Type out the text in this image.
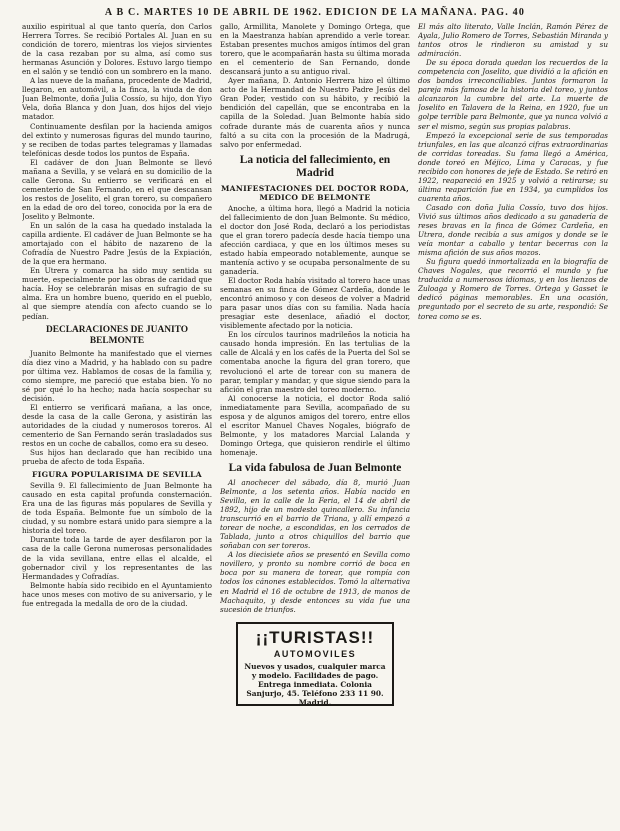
A B C. MARTES 10 DE ABRIL DE 1962. EDICION DE LA MAÑANA. PAG. 40

auxilio espiritual al que tanto quería, don Carlos Herrera Torres. Se recibió Portales Al. Juan en su condición de torero, mientras los viejos sirvientes de la casa rezaban por su alma, así como sus hermanas Asunción y Dolores. Estuvo largo tiempo en el salón y se tendió con un sombrero en la mano.

A las nueve de la mañana, procedente de Madrid, llegaron, en automóvil, a la finca, la viuda de don Juan Belmonte, doña Julia Cossío, su hijo, don Yiyo Vela, doña Blanca y don Juan, dos hijos del viejo matador.

Continuamente desfilan por la hacienda amigos del extinto y numerosas figuras del mundo taurino, y se reciben de todas partes telegramas y llamadas telefónicas desde todos los puntos de España.

El cadáver de don Juan Belmonte se llevó mañana a Sevilla, y se velará en su domicilio de la calle Gerona. Su entierro se verificará en el cementerio de San Fernando, en el que descansan los restos de Joselito, el gran torero, su compañero en la edad de oro del toreo, conocida por la era de Joselito y Belmonte.

En un salón de la casa ha quedado instalada la capilla ardiente. El cadáver de Juan Belmonte se ha amortajado con el hábito de nazareno de la Cofradía de Nuestro Padre Jesús de la Expiación, de la que era hermano.

En Utrera y comarca ha sido muy sentida su muerte, especialmente por las obras de caridad que hacía. Hoy se celebrarán misas en sufragio de su alma. Era un hombre bueno, querido en el pueblo, al que siempre atendía con afecto cuando se lo pedían.

DECLARACIONES DE JUANITO BELMONTE

Juanito Belmonte ha manifestado que el viernes día diez vino a Madrid, y ha hablado con su padre por última vez. Hablamos de cosas de la familia y, como siempre, me pareció que estaba bien. Yo no sé por qué lo ha hecho; nada hacía sospechar su decisión.

El entierro se verificará mañana, a las once, desde la casa de la calle Gerona, y asistirán las autoridades de la ciudad y numerosos toreros. Al cementerio de San Fernando serán trasladados sus restos en un coche de caballos, como era su deseo.

Sus hijos han declarado que han recibido una prueba de afecto de toda España.

FIGURA POPULARISIMA DE SEVILLA

Sevilla 9. El fallecimiento de Juan Belmonte ha causado en esta capital profunda consternación. Era una de las figuras más populares de Sevilla y de toda España. Belmonte fue un símbolo de la ciudad, y su nombre estará unido para siempre a la historia del toreo.

Durante toda la tarde de ayer desfilaron por la casa de la calle Gerona numerosas personalidades de la vida sevillana, entre ellas el alcalde, el gobernador civil y los representantes de las Hermandades y Cofradías.

Belmonte había sido recibido en el Ayuntamiento hace unos meses con motivo de su aniversario, y le fue entregada la medalla de oro de la ciudad.

gallo, Armillita, Manolete y Domingo Ortega, que en la Maestranza habían aprendido a verle torear. Estaban presentes muchos amigos íntimos del gran torero, que le acompañarán hasta su última morada en el cementerio de San Fernando, donde descansará junto a su antiguo rival.

Ayer mañana, D. Antonio Herrera hizo el último acto de la Hermandad de Nuestro Padre Jesús del Gran Poder, vestido con su hábito, y recibió la bendición del capellán, que se encontraba en la capilla de la Soledad. Juan Belmonte había sido cofrade durante más de cuarenta años y nunca faltó a su cita con la procesión de la Madrugá, salvo por enfermedad.

La noticia del fallecimiento, en Madrid
MANIFESTACIONES DEL DOCTOR RODA, MEDICO DE BELMONTE

Anoche, a última hora, llegó a Madrid la noticia del fallecimiento de don Juan Belmonte. Su médico, el doctor don José Roda, declaró a los periodistas que el gran torero padecía desde hacía tiempo una afección cardiaca, y que en los últimos meses su estado había empeorado notablemente, aunque se mantenía activo y se ocupaba personalmente de su ganadería.

El doctor Roda había visitado al torero hace unas semanas en su finca de Gómez Cardeña, donde le encontró animoso y con deseos de volver a Madrid para pasar unos días con su familia. Nada hacía presagiar este desenlace, añadió el doctor, visiblemente afectado por la noticia.

En los círculos taurinos madrileños la noticia ha causado honda impresión. En las tertulias de la calle de Alcalá y en los cafés de la Puerta del Sol se comentaba anoche la figura del gran torero, que revolucionó el arte de torear con su manera de parar, templar y mandar, y que sigue siendo para la afición el gran maestro del toreo moderno.

Al conocerse la noticia, el doctor Roda salió inmediatamente para Sevilla, acompañado de su esposa y de algunos amigos del torero, entre ellos el escritor Manuel Chaves Nogales, biógrafo de Belmonte, y los matadores Marcial Lalanda y Domingo Ortega, que quisieron rendirle el último homenaje.

La vida fabulosa de Juan Belmonte

Al anochecer del sábado, día 8, murió Juan Belmonte, a los setenta años. Había nacido en Sevilla, en la calle de la Feria, el 14 de abril de 1892, hijo de un modesto quincallero. Su infancia transcurrió en el barrio de Triana, y allí empezó a torear de noche, a escondidas, en los cerrados de Tablada, junto a otros chiquillos del barrio que soñaban con ser toreros.

A los diecisiete años se presentó en Sevilla como novillero, y pronto su nombre corrió de boca en boca por su manera de torear, que rompía con todos los cánones establecidos. Tomó la alternativa en Madrid el 16 de octubre de 1913, de manos de Machaquito, y desde entonces su vida fue una sucesión de triunfos.

¡¡TURISTAS!!
AUTOMOVILES
Nuevos y usados, cualquier marca y modelo. Facilidades de pago. Entrega inmediata. Colonia Sanjurjo, 45. Teléfono 233 11 90. Madrid.

El más alto literato, Valle Inclán, Ramón Pérez de Ayala, Julio Romero de Torres, Sebastián Miranda y tantos otros le rindieron su amistad y su admiración.

De su época dorada quedan los recuerdos de la competencia con Joselito, que dividió a la afición en dos bandos irreconciliables. Juntos formaron la pareja más famosa de la historia del toreo, y juntos alcanzaron la cumbre del arte. La muerte de Joselito en Talavera de la Reina, en 1920, fue un golpe terrible para Belmonte, que ya nunca volvió a ser el mismo, según sus propias palabras.

Empezó la excepcional serie de sus temporadas triunfales, en las que alcanzó cifras extraordinarias de corridas toreadas. Su fama llegó a América, donde toreó en Méjico, Lima y Caracas, y fue recibido con honores de jefe de Estado. Se retiró en 1922, reapareció en 1925 y volvió a retirarse; su última reaparición fue en 1934, ya cumplidos los cuarenta años.

Casado con doña Julia Cossío, tuvo dos hijos. Vivió sus últimos años dedicado a su ganadería de reses bravas en la finca de Gómez Cardeña, en Utrera, donde recibía a sus amigos y donde se le veía montar a caballo y tentar becerras con la misma afición de sus años mozos.

Su figura quedó inmortalizada en la biografía de Chaves Nogales, que recorrió el mundo y fue traducida a numerosos idiomas, y en los lienzos de Zuloaga y Romero de Torres. Ortega y Gasset le dedicó páginas memorables. En una ocasión, preguntado por el secreto de su arte, respondió: Se torea como se es.
